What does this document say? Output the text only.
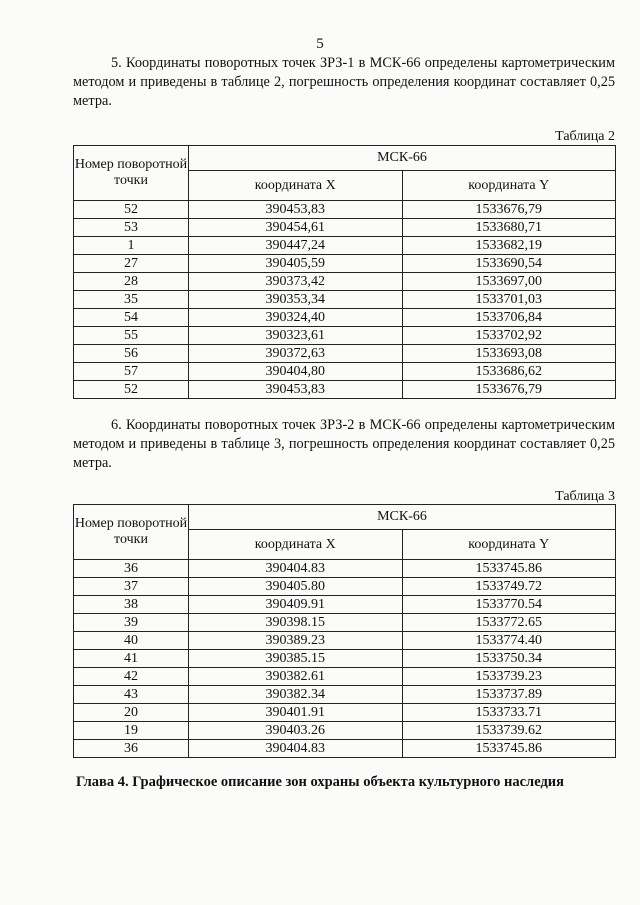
5

5. Координаты поворотных точек ЗРЗ-1 в МСК-66 определены картометрическим методом и приведены в таблице 2, погрешность определения координат составляет 0,25 метра.

Таблица 2
Номер поворотной точки	МСК-66	
	координата X	координата Y
52	390453,83	1533676,79
53	390454,61	1533680,71
1	390447,24	1533682,19
27	390405,59	1533690,54
28	390373,42	1533697,00
35	390353,34	1533701,03
54	390324,40	1533706,84
55	390323,61	1533702,92
56	390372,63	1533693,08
57	390404,80	1533686,62
52	390453,83	1533676,79

6. Координаты поворотных точек ЗРЗ-2 в МСК-66 определены картометрическим методом и приведены в таблице 3, погрешность определения координат составляет 0,25 метра.

Таблица 3
Номер поворотной точки	МСК-66	
	координата X	координата Y
36	390404.83	1533745.86
37	390405.80	1533749.72
38	390409.91	1533770.54
39	390398.15	1533772.65
40	390389.23	1533774.40
41	390385.15	1533750.34
42	390382.61	1533739.23
43	390382.34	1533737.89
20	390401.91	1533733.71
19	390403.26	1533739.62
36	390404.83	1533745.86
Глава 4. Графическое описание зон охраны объекта культурного наследия
